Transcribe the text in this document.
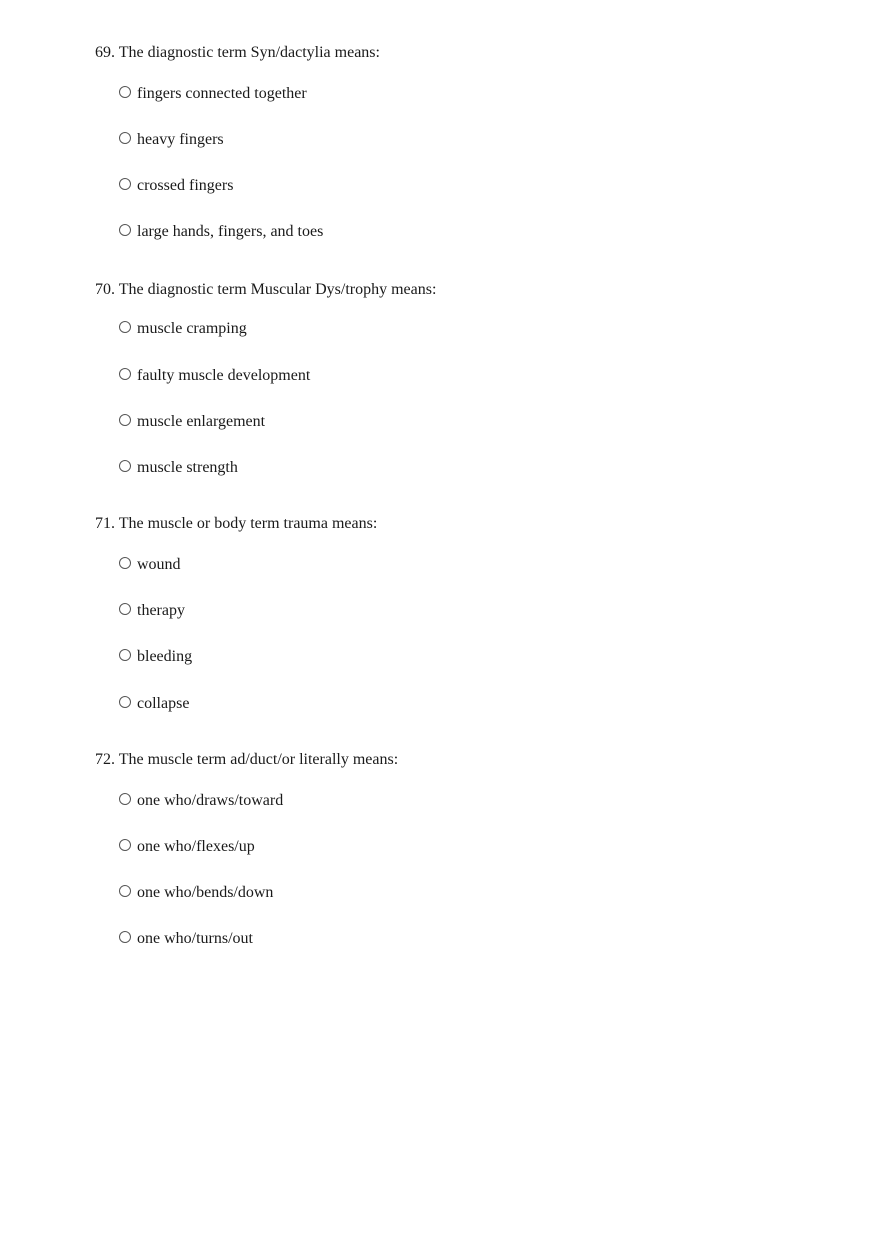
69. The diagnostic term Syn/dactylia means:

fingers connected together
heavy fingers
crossed fingers
large hands, fingers, and toes

70. The diagnostic term Muscular Dys/trophy means:

muscle cramping
faulty muscle development
muscle enlargement
muscle strength

71. The muscle or body term trauma means:

wound
therapy
bleeding
collapse

72. The muscle term ad/duct/or literally means:

one who/draws/toward
one who/flexes/up
one who/bends/down
one who/turns/out
